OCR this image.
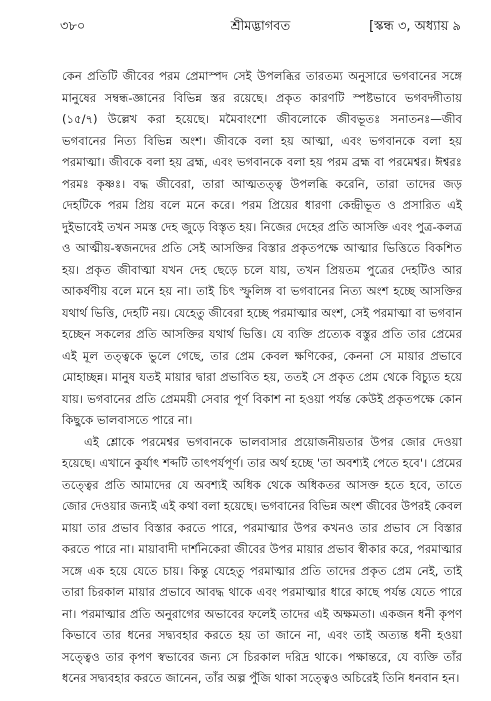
৩৮০	শ্রীমদ্ভাগবত	[স্কন্ধ ৩, অধ্যায় ৯

কেন প্রতিটি জীবের পরম প্রেমাস্পদ সেই উপলব্ধির তারতম্য অনুসারে ভগবানের সঙ্গে মানুষের সম্বন্ধ-জ্ঞানের বিভিন্ন স্তর রয়েছে। প্রকৃত কারণটি স্পষ্টভাবে ভগবদ্গীতায় (১৫/৭) উল্লেখ করা হয়েছে। মমৈবাংশো জীবলোকে জীবভূতঃ সনাতনঃ—জীব ভগবানের নিত্য বিভিন্ন অংশ। জীবকে বলা হয় আত্মা, এবং ভগবানকে বলা হয় পরমাত্মা। জীবকে বলা হয় ব্রহ্ম, এবং ভগবানকে বলা হয় পরম ব্রহ্ম বা পরমেশ্বর। ঈশ্বরঃ পরমঃ কৃষ্ণঃ। বদ্ধ জীবেরা, তারা আত্মতত্ত্ব উপলব্ধি করেনি, তারা তাদের জড় দেহটিকে পরম প্রিয় বলে মনে করে। পরম প্রিয়ের ধারণা কেন্দ্রীভূত ও প্রসারিত এই দুইভাবেই তখন সমস্ত দেহ জুড়ে বিস্তৃত হয়। নিজের দেহের প্রতি আসক্তি এবং পুত্র-কলত্র ও আত্মীয়-স্বজনদের প্রতি সেই আসক্তির বিস্তার প্রকৃতপক্ষে আত্মার ভিত্তিতে বিকশিত হয়। প্রকৃত জীবাত্মা যখন দেহ ছেড়ে চলে যায়, তখন প্রিয়তম পুত্রের দেহটিও আর আকর্ষণীয় বলে মনে হয় না। তাই চিৎ স্ফুলিঙ্গ বা ভগবানের নিত্য অংশ হচ্ছে আসক্তির যথার্থ ভিত্তি, দেহটি নয়। যেহেতু জীবেরা হচ্ছে পরমাত্মার অংশ, সেই পরমাত্মা বা ভগবান হচ্ছেন সকলের প্রতি আসক্তির যথার্থ ভিত্তি। যে ব্যক্তি প্রত্যেক বস্তুর প্রতি তার প্রেমের এই মূল তত্ত্বকে ভুলে গেছে, তার প্রেম কেবল ক্ষণিকের, কেননা সে মায়ার প্রভাবে মোহাচ্ছন্ন। মানুষ যতই মায়ার দ্বারা প্রভাবিত হয়, ততই সে প্রকৃত প্রেম থেকে বিচ্যুত হয়ে যায়। ভগবানের প্রতি প্রেমময়ী সেবার পূর্ণ বিকাশ না হওয়া পর্যন্ত কেউই প্রকৃতপক্ষে কোন কিছুকে ভালবাসতে পারে না।

এই শ্লোকে পরমেশ্বর ভগবানকে ভালবাসার প্রয়োজনীয়তার উপর জোর দেওয়া হয়েছে। এখানে কুর্যাৎ শব্দটি তাৎপর্যপূর্ণ। তার অর্থ হচ্ছে 'তা অবশ্যই পেতে হবে'। প্রেমের তত্ত্বের প্রতি আমাদের যে অবশ্যই অধিক থেকে অধিকতর আসক্ত হতে হবে, তাতে জোর দেওয়ার জন্যই এই কথা বলা হয়েছে। ভগবানের বিভিন্ন অংশ জীবের উপরই কেবল মায়া তার প্রভাব বিস্তার করতে পারে, পরমাত্মার উপর কখনও তার প্রভাব সে বিস্তার করতে পারে না। মায়াবাদী দার্শনিকেরা জীবের উপর মায়ার প্রভাব স্বীকার করে, পরমাত্মার সঙ্গে এক হয়ে যেতে চায়। কিন্তু যেহেতু পরমাত্মার প্রতি তাদের প্রকৃত প্রেম নেই, তাই তারা চিরকাল মায়ার প্রভাবে আবদ্ধ থাকে এবং পরমাত্মার ধারে কাছে পর্যন্ত যেতে পারে না। পরমাত্মার প্রতি অনুরাগের অভাবের ফলেই তাদের এই অক্ষমতা। একজন ধনী কৃপণ কিভাবে তার ধনের সদ্ব্যবহার করতে হয় তা জানে না, এবং তাই অত্যন্ত ধনী হওয়া সত্ত্বেও তার কৃপণ স্বভাবের জন্য সে চিরকাল দরিদ্র থাকে। পক্ষান্তরে, যে ব্যক্তি তাঁর ধনের সদ্ব্যবহার করতে জানেন, তাঁর অল্প পুঁজি থাকা সত্ত্বেও অচিরেই তিনি ধনবান হন।
